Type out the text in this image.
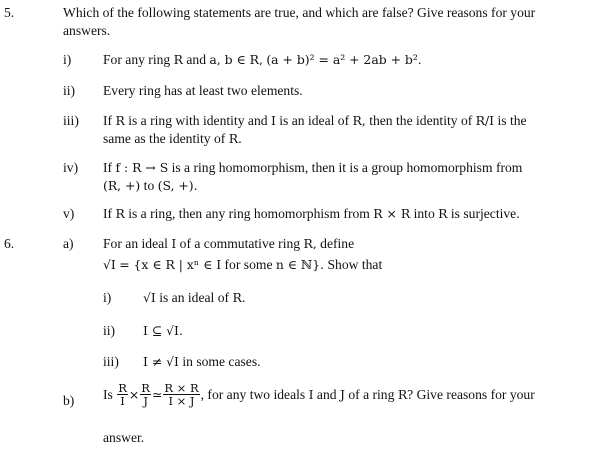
5.	Which of the following statements are true, and which are false? Give reasons for your
answers.
i) For any ring R and a, b ∈ R, (a + b)² = a² + 2ab + b².
ii) Every ring has at least two elements.
iii) If R is a ring with identity and I is an ideal of R, then the identity of R/I is the
same as the identity of R.
iv) If f : R → S is a ring homomorphism, then it is a group homomorphism from
(R, +) to (S, +).
v) If R is a ring, then any ring homomorphism from R × R into R is surjective.
6.	a) For an ideal I of a commutative ring R, define
√I = {x ∈ R | xⁿ ∈ I for some n ∈ ℕ}. Show that
i)	√I is an ideal of R.
ii) I ⊆ √I.
iii) I ≠ √I in some cases.
b) Is $\frac{R}{I} \times \frac{R}{J}$ ≃ $\frac{R \times R}{I \times J}$ , for any two ideals I and J of a ring R? Give reasons for your
answer.
